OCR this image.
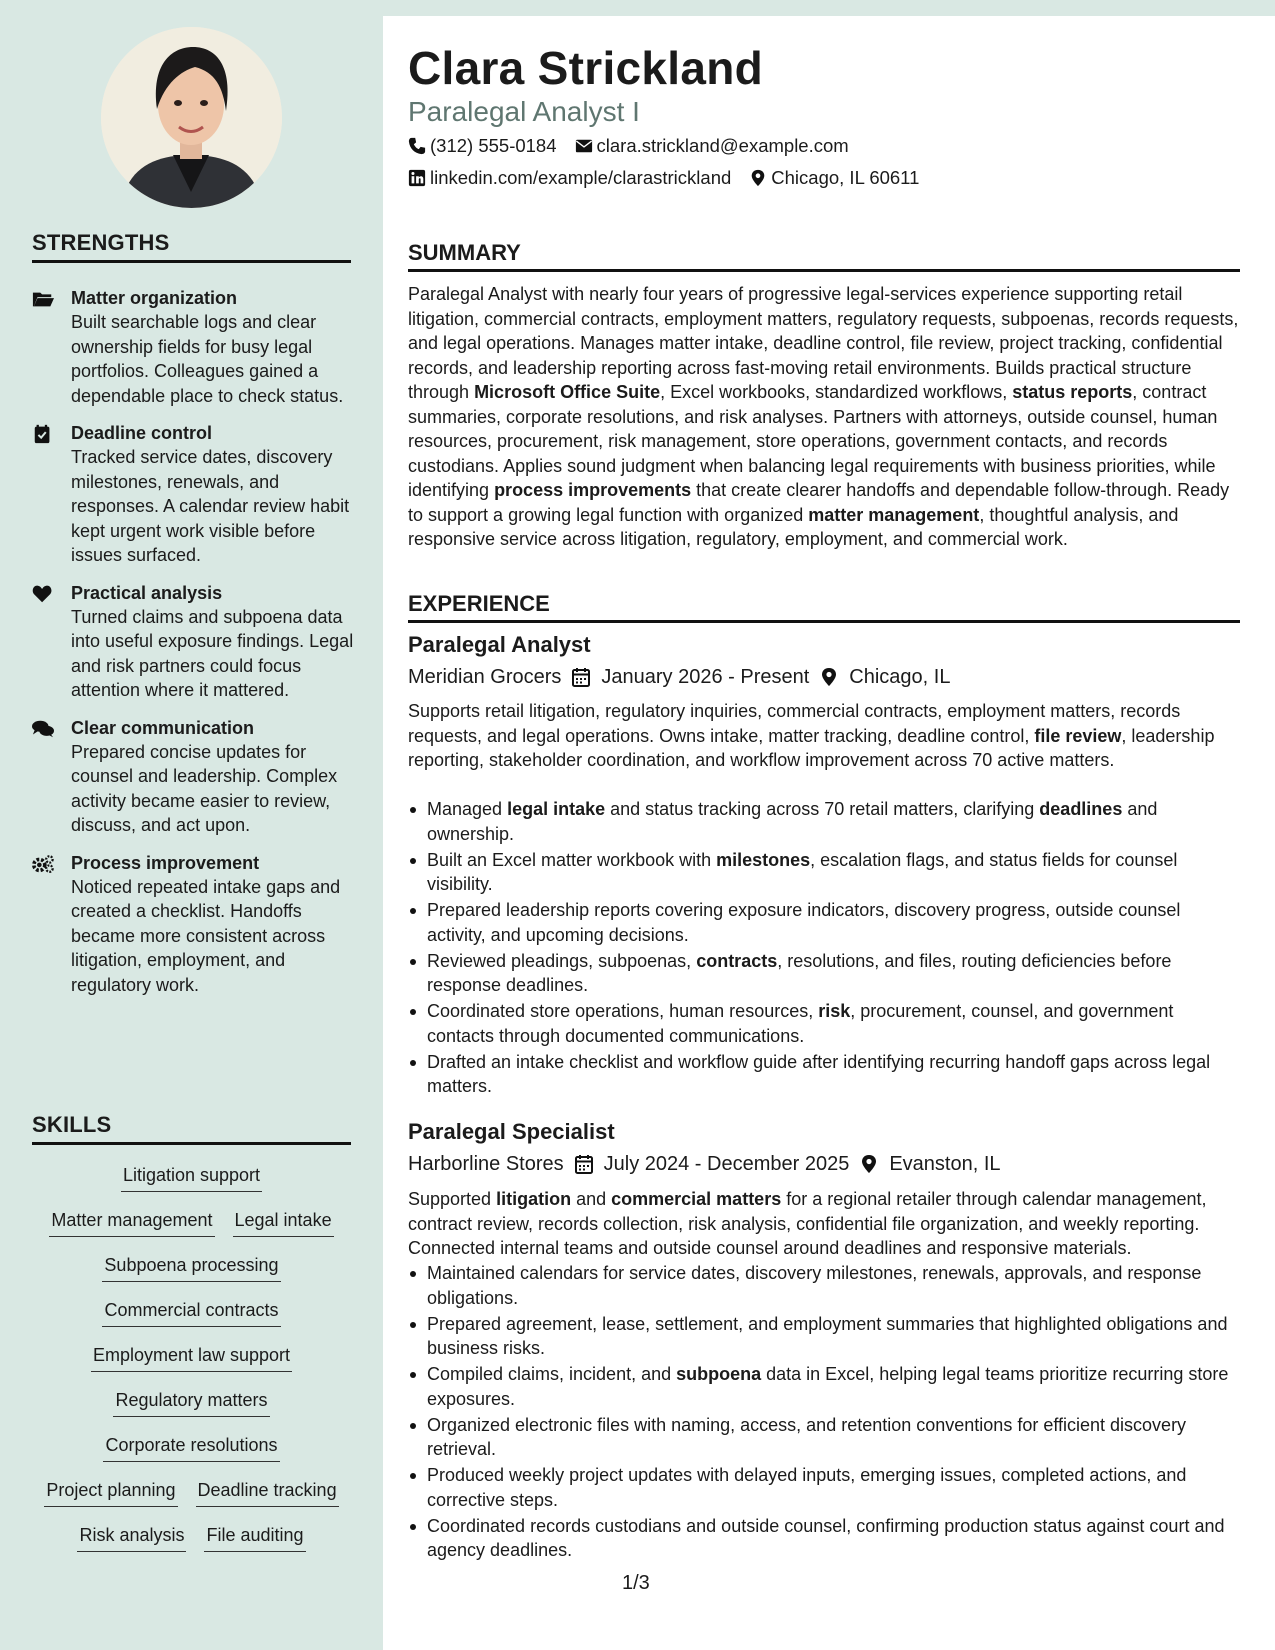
STRENGTHS
Matter organization
Built searchable logs and clear ownership fields for busy legal portfolios. Colleagues gained a dependable place to check status.
Deadline control
Tracked service dates, discovery milestones, renewals, and responses. A calendar review habit kept urgent work visible before issues surfaced.
Practical analysis
Turned claims and subpoena data into useful exposure findings. Legal and risk partners could focus attention where it mattered.
Clear communication
Prepared concise updates for counsel and leadership. Complex activity became easier to review, discuss, and act upon.
Process improvement
Noticed repeated intake gaps and created a checklist. Handoffs became more consistent across litigation, employment, and regulatory work.
SKILLS
Litigation support
Matter management Legal intake
Subpoena processing
Commercial contracts
Employment law support
Regulatory matters
Corporate resolutions
Project planning Deadline tracking
Risk analysis File auditing
Clara Strickland
Paralegal Analyst I
(312) 555-0184 clara.strickland@example.com
linkedin.com/example/clarastrickland Chicago, IL 60611
SUMMARY
Paralegal Analyst with nearly four years of progressive legal-services experience supporting retail litigation, commercial contracts, employment matters, regulatory requests, subpoenas, records requests, and legal operations. Manages matter intake, deadline control, file review, project tracking, confidential records, and leadership reporting across fast-moving retail environments. Builds practical structure through Microsoft Office Suite, Excel workbooks, standardized workflows, status reports, contract summaries, corporate resolutions, and risk analyses. Partners with attorneys, outside counsel, human resources, procurement, risk management, store operations, government contacts, and records custodians. Applies sound judgment when balancing legal requirements with business priorities, while identifying process improvements that create clearer handoffs and dependable follow-through. Ready to support a growing legal function with organized matter management, thoughtful analysis, and responsive service across litigation, regulatory, employment, and commercial work.
EXPERIENCE
Paralegal Analyst
Meridian Grocers January 2026 - Present Chicago, IL
Supports retail litigation, regulatory inquiries, commercial contracts, employment matters, records requests, and legal operations. Owns intake, matter tracking, deadline control, file review, leadership reporting, stakeholder coordination, and workflow improvement across 70 active matters.
Managed legal intake and status tracking across 70 retail matters, clarifying deadlines and ownership.
Built an Excel matter workbook with milestones, escalation flags, and status fields for counsel visibility.
Prepared leadership reports covering exposure indicators, discovery progress, outside counsel activity, and upcoming decisions.
Reviewed pleadings, subpoenas, contracts, resolutions, and files, routing deficiencies before response deadlines.
Coordinated store operations, human resources, risk, procurement, counsel, and government contacts through documented communications.
Drafted an intake checklist and workflow guide after identifying recurring handoff gaps across legal matters.
Paralegal Specialist
Harborline Stores July 2024 - December 2025 Evanston, IL
Supported litigation and commercial matters for a regional retailer through calendar management, contract review, records collection, risk analysis, confidential file organization, and weekly reporting. Connected internal teams and outside counsel around deadlines and responsive materials.
Maintained calendars for service dates, discovery milestones, renewals, approvals, and response obligations.
Prepared agreement, lease, settlement, and employment summaries that highlighted obligations and business risks.
Compiled claims, incident, and subpoena data in Excel, helping legal teams prioritize recurring store exposures.
Organized electronic files with naming, access, and retention conventions for efficient discovery retrieval.
Produced weekly project updates with delayed inputs, emerging issues, completed actions, and corrective steps.
Coordinated records custodians and outside counsel, confirming production status against court and agency deadlines.
1/3
